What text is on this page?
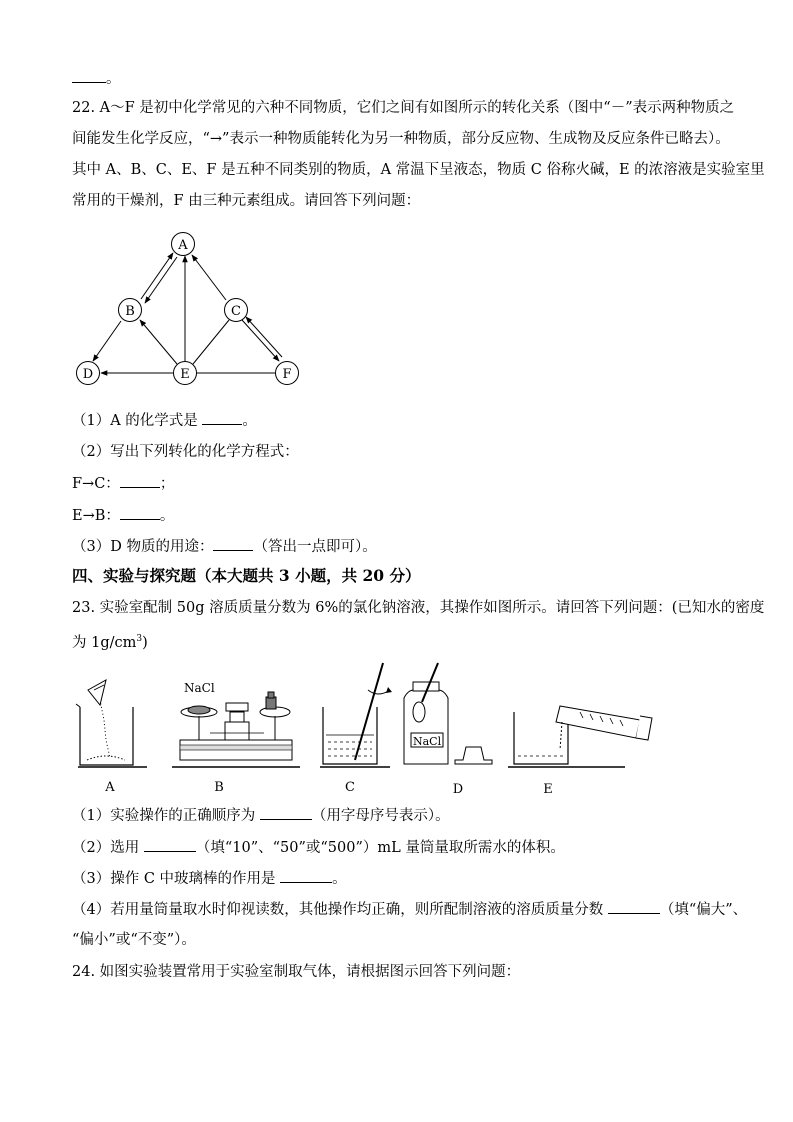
。
22. A～F 是初中化学常见的六种不同物质，它们之间有如图所示的转化关系（图中“－”表示两种物质之
间能发生化学反应，“→”表示一种物质能转化为另一种物质，部分反应物、生成物及反应条件已略去）。
其中 A、B、C、E、F 是五种不同类别的物质，A 常温下呈液态，物质 C 俗称火碱，E 的浓溶液是实验室里
常用的干燥剂，F 由三种元素组成。请回答下列问题：
A
B	C
D	E	F
（1）A 的化学式是	。
（2）写出下列转化的化学方程式：
F→C：	；
E→B：	。
（3）D 物质的用途：	（答出一点即可）。
四、实验与探究题（本大题共 3 小题，共 20 分）
23. 实验室配制 50g 溶质质量分数为 6%的氯化钠溶液，其操作如图所示。请回答下列问题：(已知水的密度
为 $1g/cm^3$)
NaCl
NaCl
A	B	C	D	E
（1）实验操作的正确顺序为	（用字母序号表示）。
（2）选用	（填“10”、“50”或“500”）mL 量筒量取所需水的体积。
（3）操作 C 中玻璃棒的作用是	。
（4）若用量筒量取水时仰视读数，其他操作均正确，则所配制溶液的溶质质量分数	（填“偏大”、
“偏小”或“不变”）。
24. 如图实验装置常用于实验室制取气体，请根据图示回答下列问题：
